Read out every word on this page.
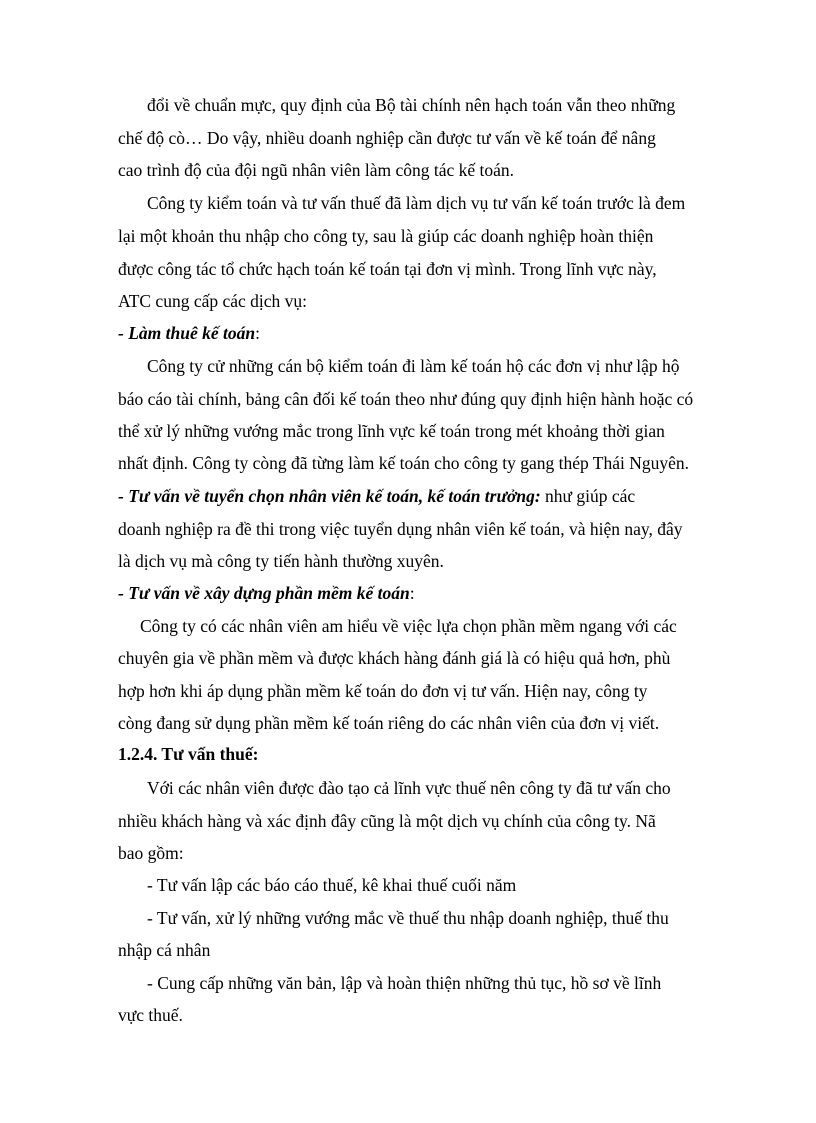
đổi về chuẩn mực, quy định của Bộ tài chính nên hạch toán vẫn theo những
chế độ cò… Do vậy, nhiều doanh nghiệp cần được tư vấn về kế toán để nâng
cao trình độ của đội ngũ nhân viên làm công tác kế toán.
Công ty kiểm toán và tư vấn thuế đã làm dịch vụ tư vấn kế toán trước là đem
lại một khoản thu nhập cho công ty, sau là giúp các doanh nghiệp hoàn thiện
được công tác tổ chức hạch toán kế toán tại đơn vị mình. Trong lĩnh vực này,
ATC cung cấp các dịch vụ:
- Làm thuê kế toán:
Công ty cử những cán bộ kiểm toán đi làm kế toán hộ các đơn vị như lập hộ
báo cáo tài chính, bảng cân đối kế toán theo như đúng quy định hiện hành hoặc có
thể xử lý những vướng mắc trong lĩnh vực kế toán trong mét khoảng thời gian
nhất định. Công ty còng đã từng làm kế toán cho công ty gang thép Thái Nguyên.
- Tư vấn về tuyển chọn nhân viên kế toán, kế toán trưởng: như giúp các
doanh nghiệp ra đề thi trong việc tuyển dụng nhân viên kế toán, và hiện nay, đây
là dịch vụ mà công ty tiến hành thường xuyên.
- Tư vấn về xây dựng phần mềm kế toán:
Công ty có các nhân viên am hiểu về việc lựa chọn phần mềm ngang với các
chuyên gia về phần mềm và được khách hàng đánh giá là có hiệu quả hơn, phù
hợp hơn khi áp dụng phần mềm kế toán do đơn vị tư vấn. Hiện nay, công ty
còng đang sử dụng phần mềm kế toán riêng do các nhân viên của đơn vị viết.
1.2.4. Tư vấn thuế:
Với các nhân viên được đào tạo cả lĩnh vực thuế nên công ty đã tư vấn cho
nhiều khách hàng và xác định đây cũng là một dịch vụ chính của công ty. Nã
bao gồm:
- Tư vấn lập các báo cáo thuế, kê khai thuế cuối năm
- Tư vấn, xử lý những vướng mắc về thuế thu nhập doanh nghiệp, thuế thu
nhập cá nhân
- Cung cấp những văn bản, lập và hoàn thiện những thủ tục, hồ sơ về lĩnh
vực thuế.
